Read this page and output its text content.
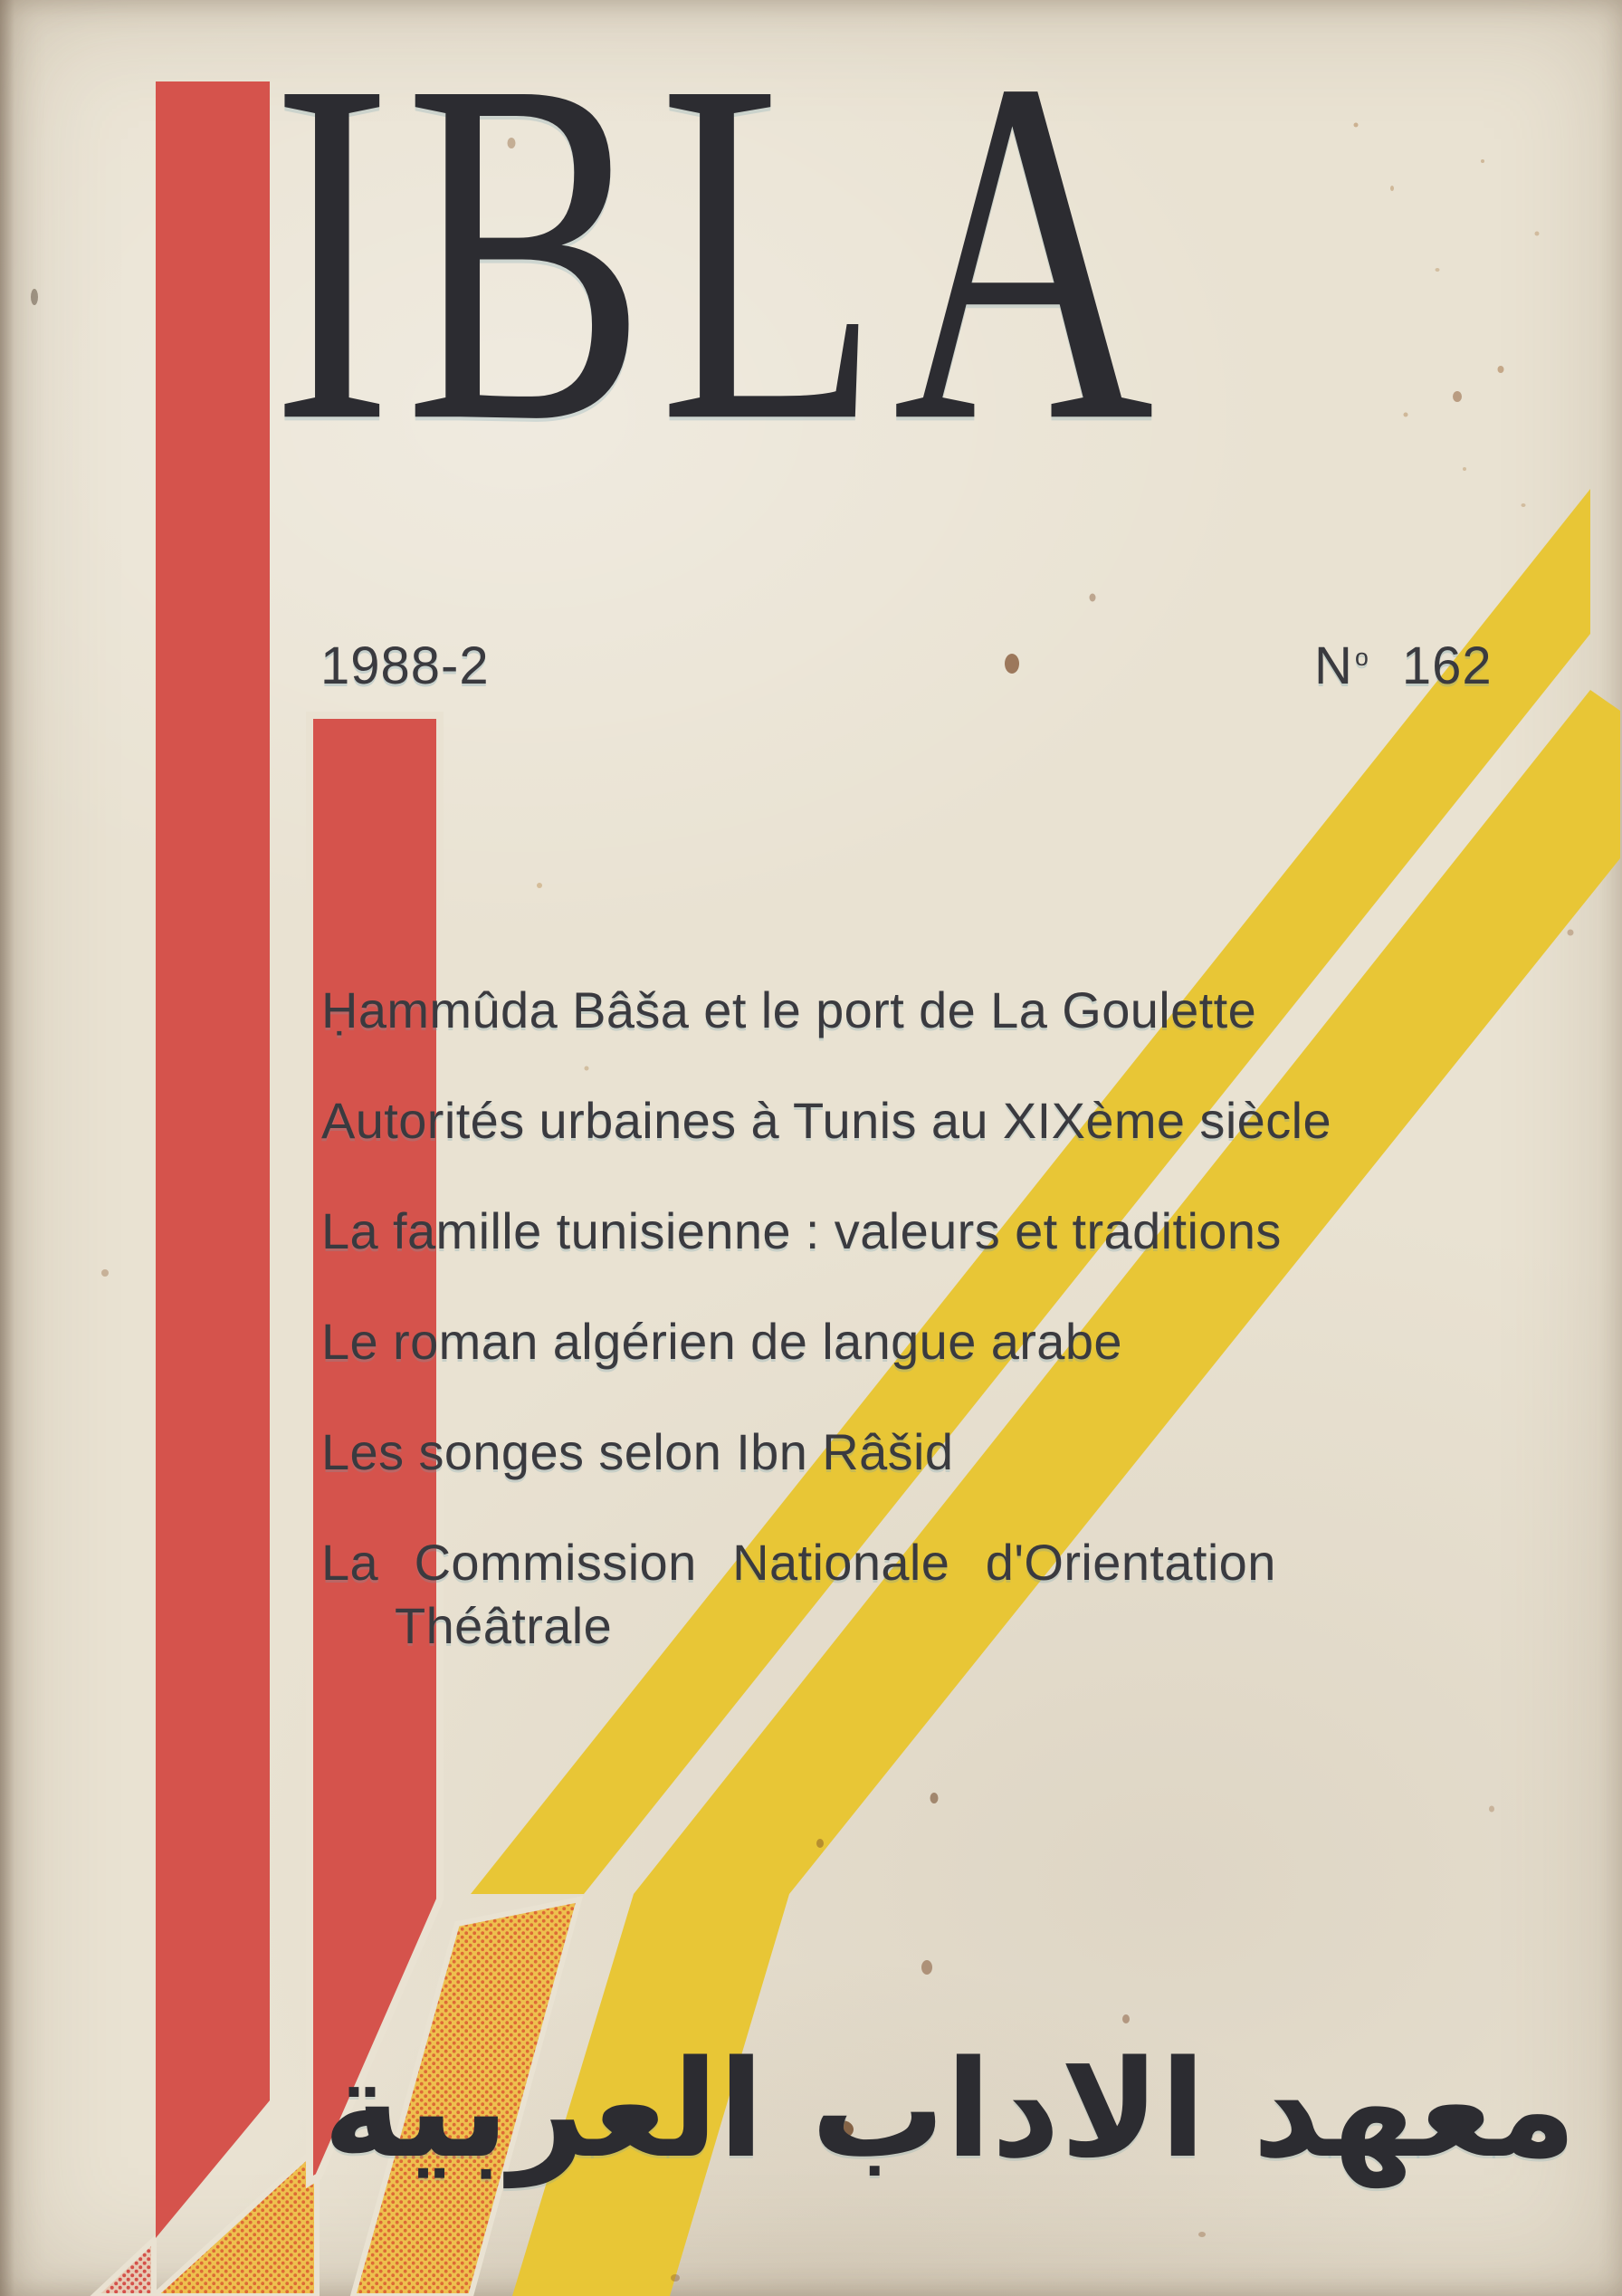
IBLA
1988-2	No 162
Ḥammûda Bâša et le port de La Goulette
Autorités urbaines à Tunis au XIXème siècle
La famille tunisienne : valeurs et traditions
Le roman algérien de langue arabe
Les songes selon Ibn Râšid
La Commission Nationale d'Orientation
Théâtrale
معهد الاداب العربية
